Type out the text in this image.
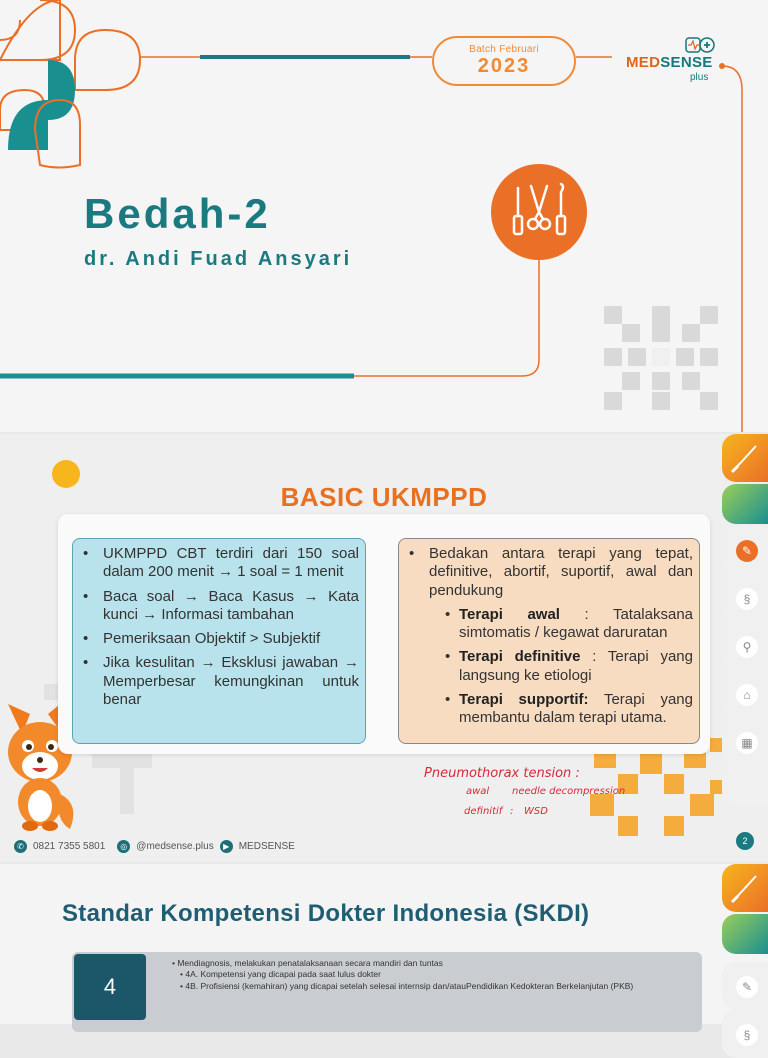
Batch Februari
2023	MEDSENSE
plus
Bedah-2
dr. Andi Fuad Ansyari
BASIC UKMPPD
• UKMPPD CBT terdiri dari 150 soal dalam 200 menit → 1 soal = 1 menit
• Baca soal → Baca Kasus → Kata kunci → Informasi tambahan
• Pemeriksaan Objektif > Subjektif
• Jika kesulitan → Eksklusi jawaban → Memperbesar kemungkinan untuk benar
• Bedakan antara terapi yang tepat, definitive, abortif, suportif, awal dan pendukung
• Terapi awal : Tatalaksana simtomatis / kegawat daruratan
• Terapi definitive : Terapi yang langsung ke etiologi
• Terapi supportif: Terapi yang membantu dalam terapi utama.
Pneumothorax tension :
awal needle decompression
definitif : WSD
✆ 0821 7355 5801	◎ @medsense.plus	▶ MEDSENSE	2
✎
§
⚲
⌂
▦
Standar Kompetensi Dokter Indonesia (SKDI)
4
• Mendiagnosis, melakukan penatalaksanaan secara mandiri dan tuntas
• 4A. Kompetensi yang dicapai pada saat lulus dokter
• 4B. Profisiensi (kemahiran) yang dicapai setelah selesai internsip dan/atauPendidikan Kedokteran Berkelanjutan (PKB)	✎
§
